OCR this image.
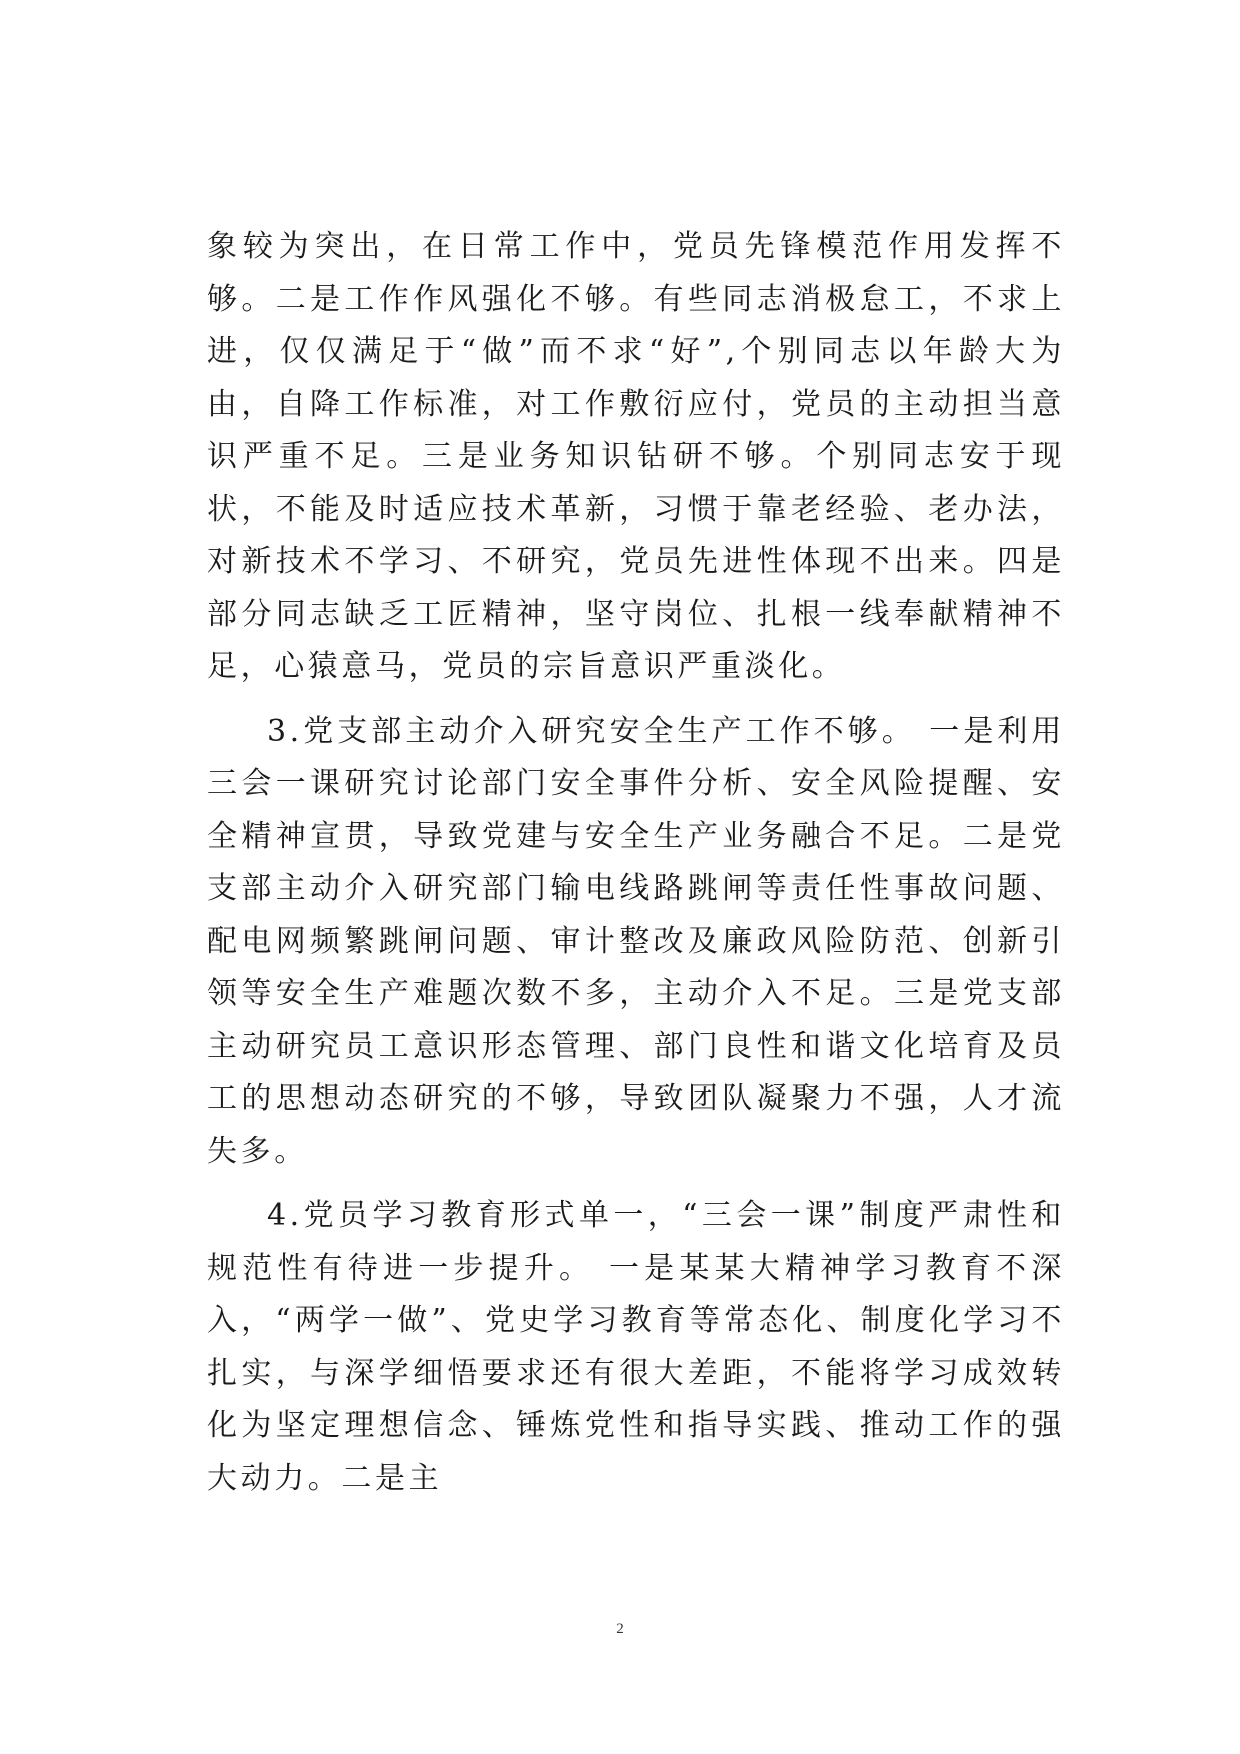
象较为突出，在日常工作中，党员先锋模范作用发挥不够。二是工作作风强化不够。有些同志消极怠工，不求上进，仅仅满足于“做”而不求“好”,个别同志以年龄大为由，自降工作标准，对工作敷衍应付，党员的主动担当意识严重不足。三是业务知识钻研不够。个别同志安于现状，不能及时适应技术革新，习惯于靠老经验、老办法，对新技术不学习、不研究，党员先进性体现不出来。四是部分同志缺乏工匠精神，坚守岗位、扎根一线奉献精神不足，心猿意马，党员的宗旨意识严重淡化。

3.党支部主动介入研究安全生产工作不够。 一是利用三会一课研究讨论部门安全事件分析、安全风险提醒、安全精神宣贯，导致党建与安全生产业务融合不足。二是党支部主动介入研究部门输电线路跳闸等责任性事故问题、配电网频繁跳闸问题、审计整改及廉政风险防范、创新引领等安全生产难题次数不多，主动介入不足。三是党支部主动研究员工意识形态管理、部门良性和谐文化培育及员工的思想动态研究的不够，导致团队凝聚力不强，人才流失多。

4.党员学习教育形式单一，“三会一课”制度严肃性和规范性有待进一步提升。 一是某某大精神学习教育不深入，“两学一做”、党史学习教育等常态化、制度化学习不扎实，与深学细悟要求还有很大差距，不能将学习成效转化为坚定理想信念、锤炼党性和指导实践、推动工作的强大动力。二是主

2
